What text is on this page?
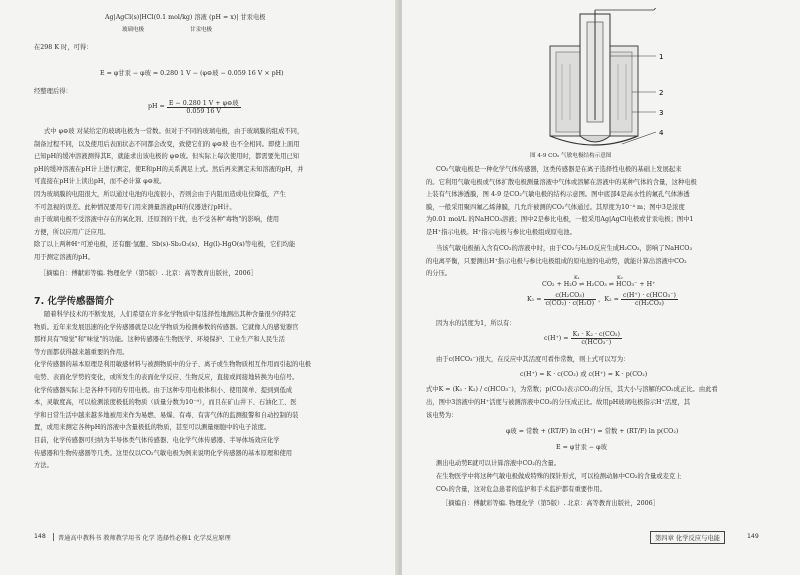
Ag|AgCl(s)|HCl(0.1 mol/kg) 溶液 (pH = x)| 甘汞电极
玻璃电极	甘汞电极
在298 K 时，可得：
E = φ甘汞 − φ玻 = 0.280 1 V − (φ⊖玻 − 0.059 16 V × pH)
经整理后得：
pH = $\frac{\text{E − 0.280 1 V + φ⊖玻}}{0.059 16 V}$
式中 φ⊖玻 对某给定的玻璃电极为一常数。但对于不同的玻璃电极，由于玻璃膜的组成不同，
制备过程不同，以及使用后表面状态不同都会改变，致使它们的 φ⊖玻 也不全相同。即使上面用
已知pH的缓冲溶液测得其E，就能求出该电极的 φ⊖玻。但实际上每次使用时，都需要先用已知
pH的缓冲溶液在pH计上进行测定，使E和pH的关系满足上式。然后再来测定未知溶液的pH，并
可直接在pH计上读出pH，而不必计算 φ⊖玻。
因为玻璃膜的电阻很大，所以通过电池的电流很小，否则会由于内阻而造成电位降低，产生
不可忽视的误差。此种情况要用专门用来测量溶液pH的仪器进行pH计。
由于玻璃电极不受溶液中存在的氧化剂、还原剂的干扰，也不受各种"毒物"的影响，使用
方便，所以应用广泛应用。
除了以上两种H⁺可逆电极，还有醌·氢醌、Sb(s)-Sb₂O₃(s)、Hg(l)-HgO(s)等电极，它们均能
用于测定溶液的pH。
［摘编自：傅献彩等编. 物理化学（第5版）. 北京：高等教育出版社，2006］
7. 化学传感器简介
随着科学技术的不断发展，人们希望在许多化学物质中有选择性地测出其种含量很少的特定
物质。近年来发展迅速的化学传感器就是以化学物质为检测参数的传感器。它就像人的感觉器官
那样具有"嗅觉"和"味觉"的功能。这种传感器在生物医学、环境保护、工业生产和人民生活
等方面都获得越来越重要的作用。
化学传感器的基本原理是利用敏感材料与被测物质中的分子、离子或生物物质相互作用而引起的电极
电势、表面化学势的变化，或所发生的表面化学反应、生物反应，直接或间接地转换为电信号。
化学传感器实际上是各种不同的专用电极。由于这种专用电极体积小、使用简单、提到到低成
本，灵敏度高，可以检测浓度极低的物质（质量分数为10⁻⁹），而且在矿山井下、石油化工、医
学和日常生活中越来越多地被用来作为易燃、易爆、有毒、有害气体的监测报警和自动控制的装
置，或用来测定各种pH的溶液中含量极低的物质，甚至可以测量细胞中的电子浓度。
目前，化学传感器可归纳为半导体类气体传感器、电化学气体传感器、半导体场效应化学
传感器和生物传感器等几类。这里仅以CO₂气敏电极为例来说明化学传感器的基本原理和使用
方法。
148 普通高中教科书 教师教学用书 化学 选择性必修1 化学反应原理
1
2
3
4
图 4-9 CO₂ 气敏电极结构示意图
CO₂气敏电极是一种化学气体传感器，这类传感器是在离子选择性电极的基础上发展起来
的。它利用气敏电极或气体扩散电极测量溶液中气体或溶解在溶液中的某种气体的含量，这种电极
上装有气体渗透膜，图 4-9 是CO₂气敏电极的结构示意图。图中底部4是高水性的氟孔气体渗透
膜，一般采用聚四氟乙烯薄膜，几允许被测的CO₂气体通过。其厚度为10⁻⁴ m；图中3是浓度
为0.01 mol/L 的NaHCO₃溶液；图中2是参比电极，一般采用Ag|AgCl电极或甘汞电极；图中1
是H⁺指示电极。H⁺指示电极与参比电极组成原电池。
当该气敏电极插入含有CO₂的溶液中时，由于CO₂与H₂O反应生成H₂CO₃，影响了NaHCO₃
的电离平衡，只要测出H⁺指示电极与参比电极组成的原电池的电动势，就能计算出溶液中CO₂
的分压。
CO₂ + H₂O ⇌ H₂CO₃ ⇌ HCO₃⁻ + H⁺
K₁	K₂
$K_1 = \frac{\text{c(H₂CO₃)}}{\text{c(CO₂) · c(H₂O)}}$ ，$K_2 = \frac{\text{c(H⁺) · c(HCO₃⁻)}}{\text{c(H₂CO₃)}}$
因为水的活度为1，所以有：
$c(H^+) = \frac{\text{K₁ · K₂ · c(CO₂)}}{\text{c(HCO₃⁻)}}$
由于c(HCO₃⁻)很大，在反应中其活度可看作常数，则上式可以写为：
c(H⁺) = K · c(CO₂) 或 c(H⁺) = K · p(CO₂)
式中K = (K₁ · K₂) / c(HCO₃⁻)，为常数；p(CO₂)表示CO₂的分压，其大小与溶解的CO₂成正比。由此看
出，图中3溶液中的H⁺活度与被测溶液中CO₂的分压成正比。故用pH玻璃电极指示H⁺活度，其
该电势为：
φ玻 = 常数 + (RT/F) ln c(H⁺) = 常数 + (RT/F) ln p(CO₂)
E = φ甘汞 − φ玻
测出电动势E就可以计算溶液中CO₂的含量。
在生物医学中将这种气敏电极做成特殊的探针形式，可以检测动脉中CO₂的含量或麦克上
CO₂的含量，这对危急患者的监护和手术监护都有重要作用。
［摘编自：傅献彩等编. 物理化学（第5版）. 北京：高等教育出版社，2006］
第四章 化学反应与电能	149
